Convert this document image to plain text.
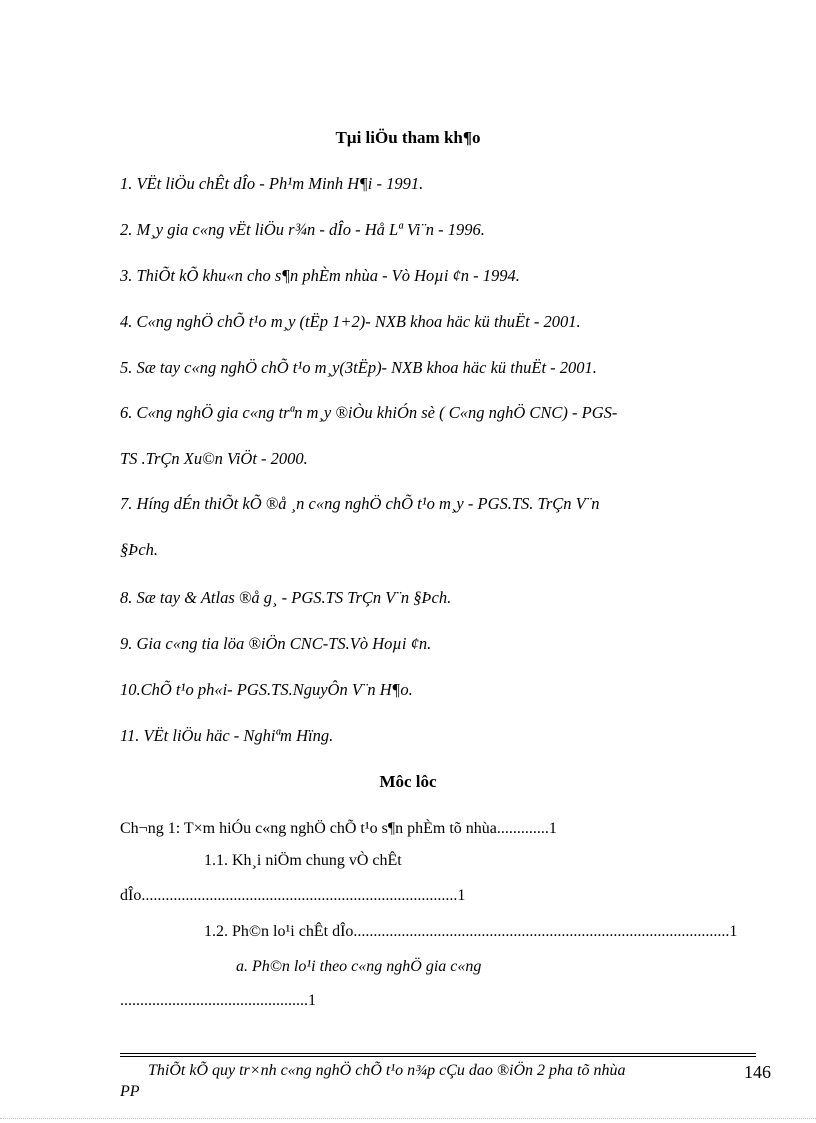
Tµi liÖu tham kh¶o
1. VËt liÖu chÊt dÎo - Ph¹m Minh H¶i - 1991.
2. M¸y gia c«ng vËt liÖu r¾n - dÎo - Hå Lª Vi¨n - 1996.
3. ThiÕt kÕ khu«n cho s¶n phÈm nhùa - Vò Hoµi ¢n - 1994.
4. C«ng nghÖ chÕ t¹o m¸y (tËp 1+2)- NXB khoa häc kü thuËt - 2001.
5. Sæ tay c«ng nghÖ chÕ t¹o m¸y(3tËp)- NXB khoa häc kü thuËt - 2001.
6. C«ng nghÖ gia c«ng trªn m¸y ®iÒu khiÓn sè ( C«ng nghÖ CNC) - PGS-
TS .TrÇn Xu©n ViÖt - 2000.
7. Híng dÉn thiÕt kÕ ®å ¸n c«ng nghÖ chÕ t¹o m¸y - PGS.TS. TrÇn V¨n
§Þch.
8. Sæ tay & Atlas ®å g¸ - PGS.TS TrÇn V¨n §Þch.
9. Gia c«ng tia löa ®iÖn CNC-TS.Vò Hoµi ¢n.
10.ChÕ t¹o ph«i- PGS.TS.NguyÔn V¨n H¶o.
11. VËt liÖu häc - Nghiªm Hïng.
Môc lôc
Ch¬ng 1: T×m hiÓu c«ng nghÖ chÕ t¹o s¶n phÈm tõ nhùa.............1
1.1. Kh¸i niÖm chung vÒ chÊt
dÎo...............................................................................1
1.2. Ph©n lo¹i chÊt dÎo..............................................................................................1
a. Ph©n lo¹i theo c«ng nghÖ gia c«ng
...............................................1
ThiÕt kÕ quy tr×nh c«ng nghÖ chÕ t¹o n¾p cÇu dao ®iÖn 2 pha tõ nhùa
PP
146
